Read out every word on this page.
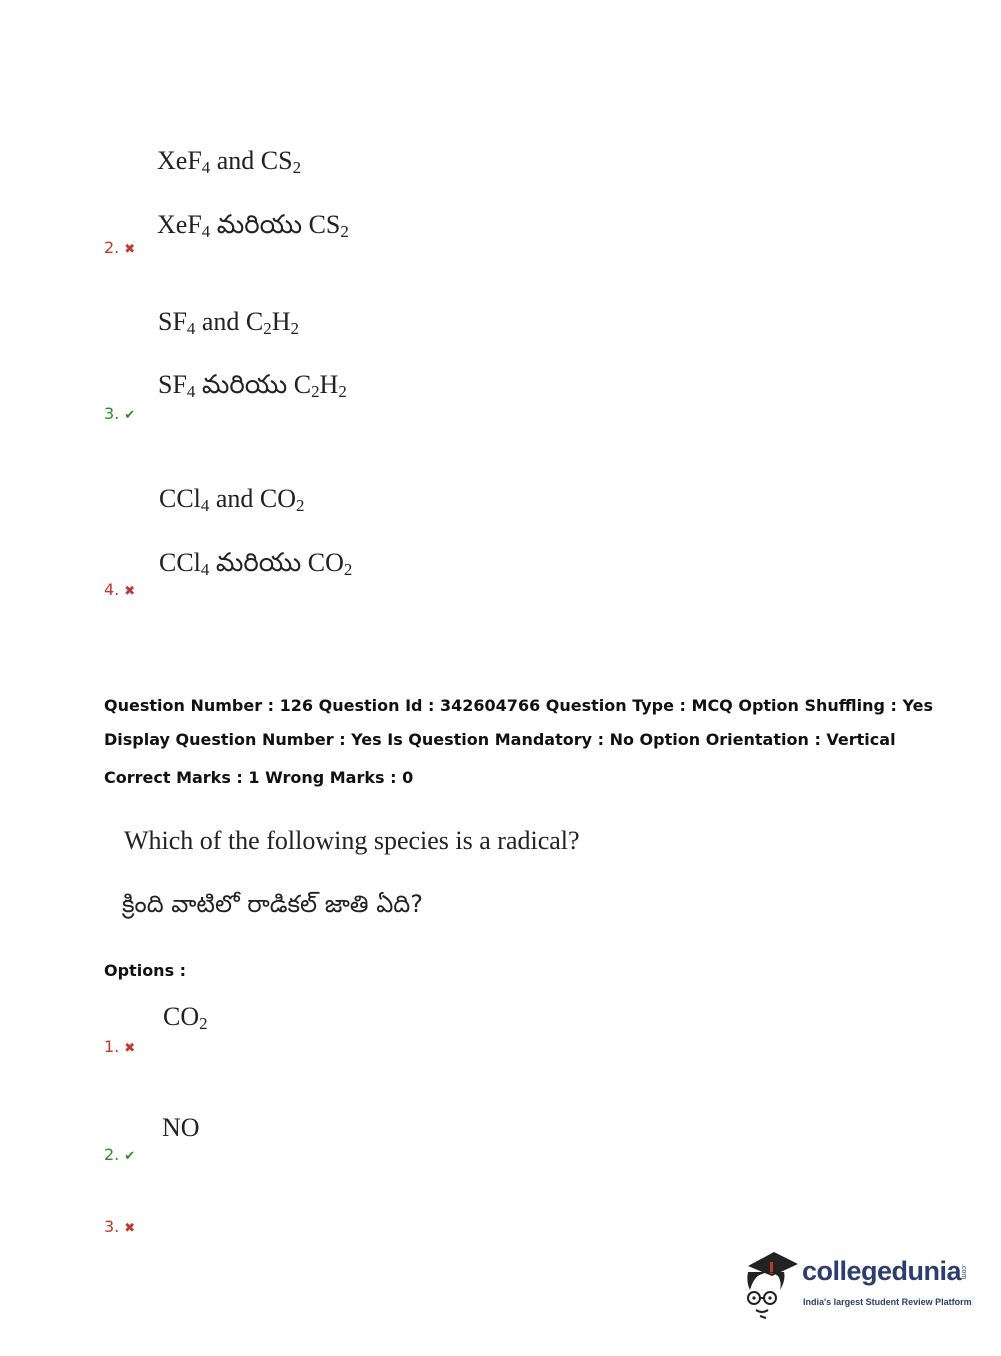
XeF$_4$ and $CS_2$
XeF$_4$ మరియు $CS_2$
2. ✖
$SF_4$ and $C_2H_2$
$SF_4$ మరియు $C_2H_2$
3. ✔
CCl$_4$ and $CO_2$
CCl$_4$ మరియు $CO_2$
4. ✖
Question Number : 126 Question Id : 342604766 Question Type : MCQ Option Shuffling : Yes
Display Question Number : Yes Is Question Mandatory : No Option Orientation : Vertical
Correct Marks : 1 Wrong Marks : 0
Which of the following species is a radical?
క్రింది వాటిలో రాడికల్ జాతి ఏది?
Options :
$CO_2$
1. ✖
NO
2. ✔
3. ✖
collegedunia
.com
India's largest Student Review Platform
